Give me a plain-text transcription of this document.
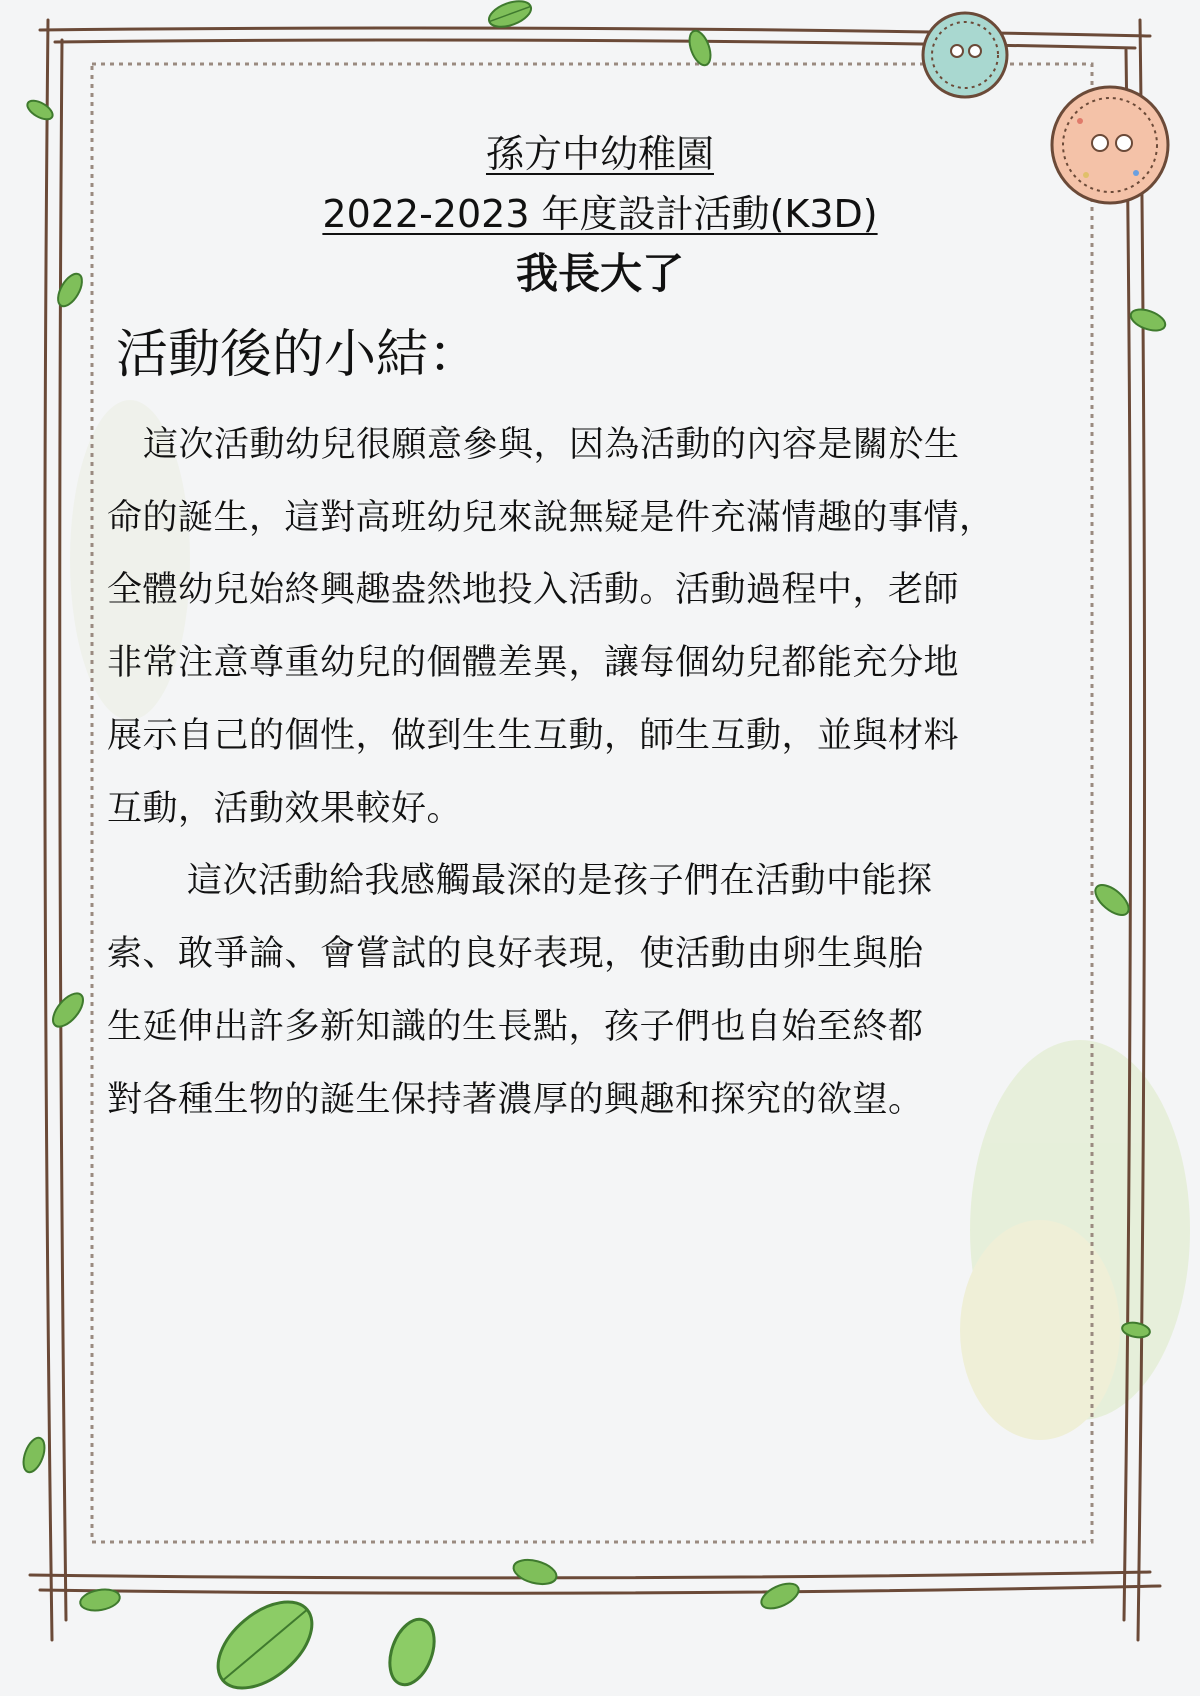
孫方中幼稚園
2022-2023 年度設計活動(K3D)
我長大了
活動後的小結：
這次活動幼兒很願意參與，因為活動的內容是關於生
命的誕生，這對高班幼兒來說無疑是件充滿情趣的事情，
全體幼兒始終興趣盎然地投入活動。活動過程中，老師
非常注意尊重幼兒的個體差異，讓每個幼兒都能充分地
展示自己的個性，做到生生互動，師生互動，並與材料
互動，活動效果較好。
這次活動給我感觸最深的是孩子們在活動中能探
索、敢爭論、會嘗試的良好表現，使活動由卵生與胎
生延伸出許多新知識的生長點，孩子們也自始至終都
對各種生物的誕生保持著濃厚的興趣和探究的欲望。
